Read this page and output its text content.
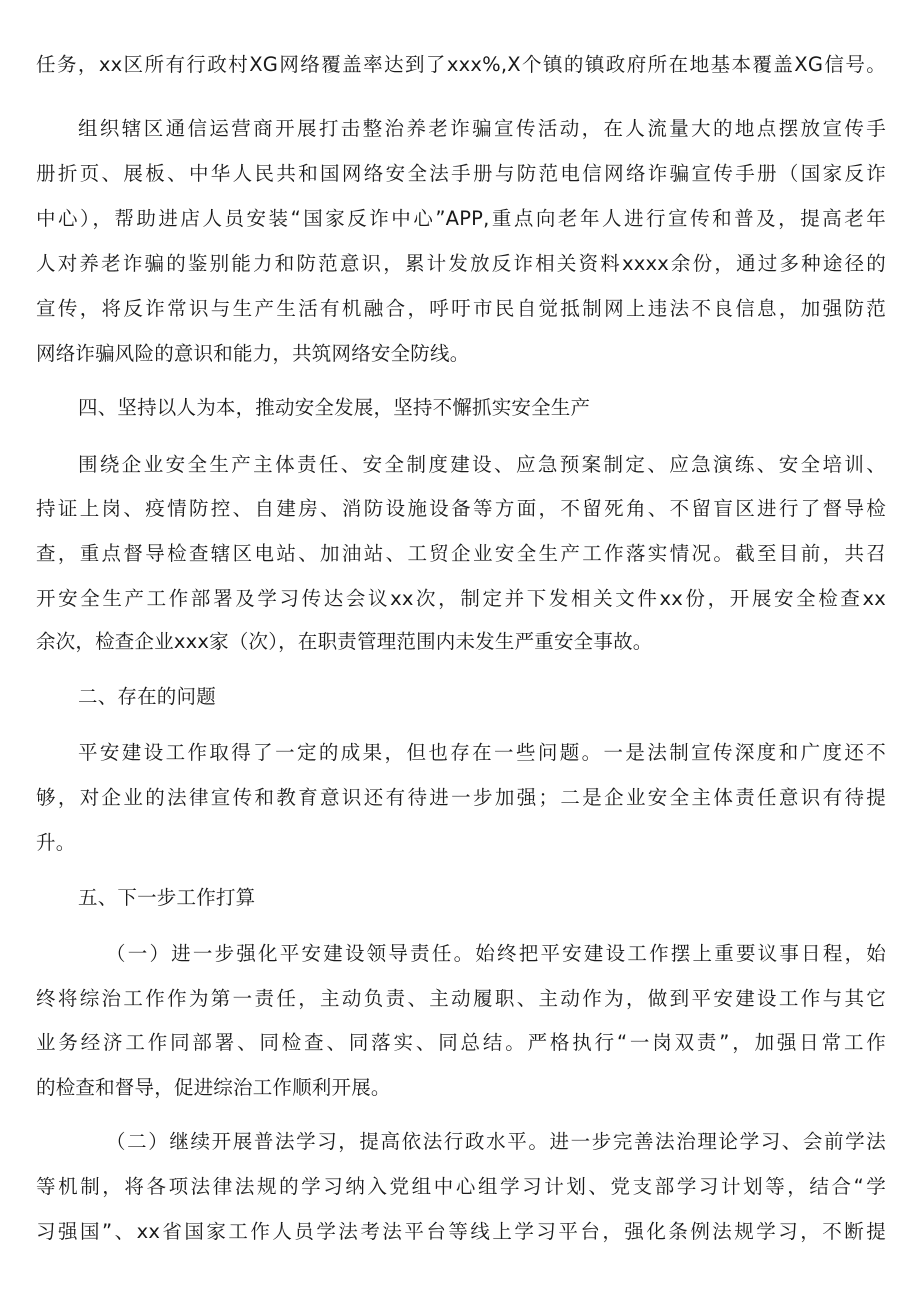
任务，xx区所有行政村XG网络覆盖率达到了xxx%,X个镇的镇政府所在地基本覆盖XG信号。
组织辖区通信运营商开展打击整治养老诈骗宣传活动，在人流量大的地点摆放宣传手
册折页、展板、中华人民共和国网络安全法手册与防范电信网络诈骗宣传手册（国家反诈
中心），帮助进店人员安装“国家反诈中心”APP,重点向老年人进行宣传和普及，提高老年
人对养老诈骗的鉴别能力和防范意识，累计发放反诈相关资料xxxx余份，通过多种途径的
宣传，将反诈常识与生产生活有机融合，呼吁市民自觉抵制网上违法不良信息，加强防范
网络诈骗风险的意识和能力，共筑网络安全防线。
四、坚持以人为本，推动安全发展，坚持不懈抓实安全生产
围绕企业安全生产主体责任、安全制度建设、应急预案制定、应急演练、安全培训、
持证上岗、疫情防控、自建房、消防设施设备等方面，不留死角、不留盲区进行了督导检
查，重点督导检查辖区电站、加油站、工贸企业安全生产工作落实情况。截至目前，共召
开安全生产工作部署及学习传达会议xx次，制定并下发相关文件xx份，开展安全检查xx
余次，检查企业xxx家（次），在职责管理范围内未发生严重安全事故。
二、存在的问题
平安建设工作取得了一定的成果，但也存在一些问题。一是法制宣传深度和广度还不
够，对企业的法律宣传和教育意识还有待进一步加强；二是企业安全主体责任意识有待提
升。
五、下一步工作打算
（一）进一步强化平安建设领导责任。始终把平安建设工作摆上重要议事日程，始
终将综治工作作为第一责任，主动负责、主动履职、主动作为，做到平安建设工作与其它
业务经济工作同部署、同检查、同落实、同总结。严格执行“一岗双责”，加强日常工作
的检查和督导，促进综治工作顺利开展。
（二）继续开展普法学习，提高依法行政水平。进一步完善法治理论学习、会前学法
等机制，将各项法律法规的学习纳入党组中心组学习计划、党支部学习计划等，结合“学
习强国”、xx省国家工作人员学法考法平台等线上学习平台，强化条例法规学习，不断提
